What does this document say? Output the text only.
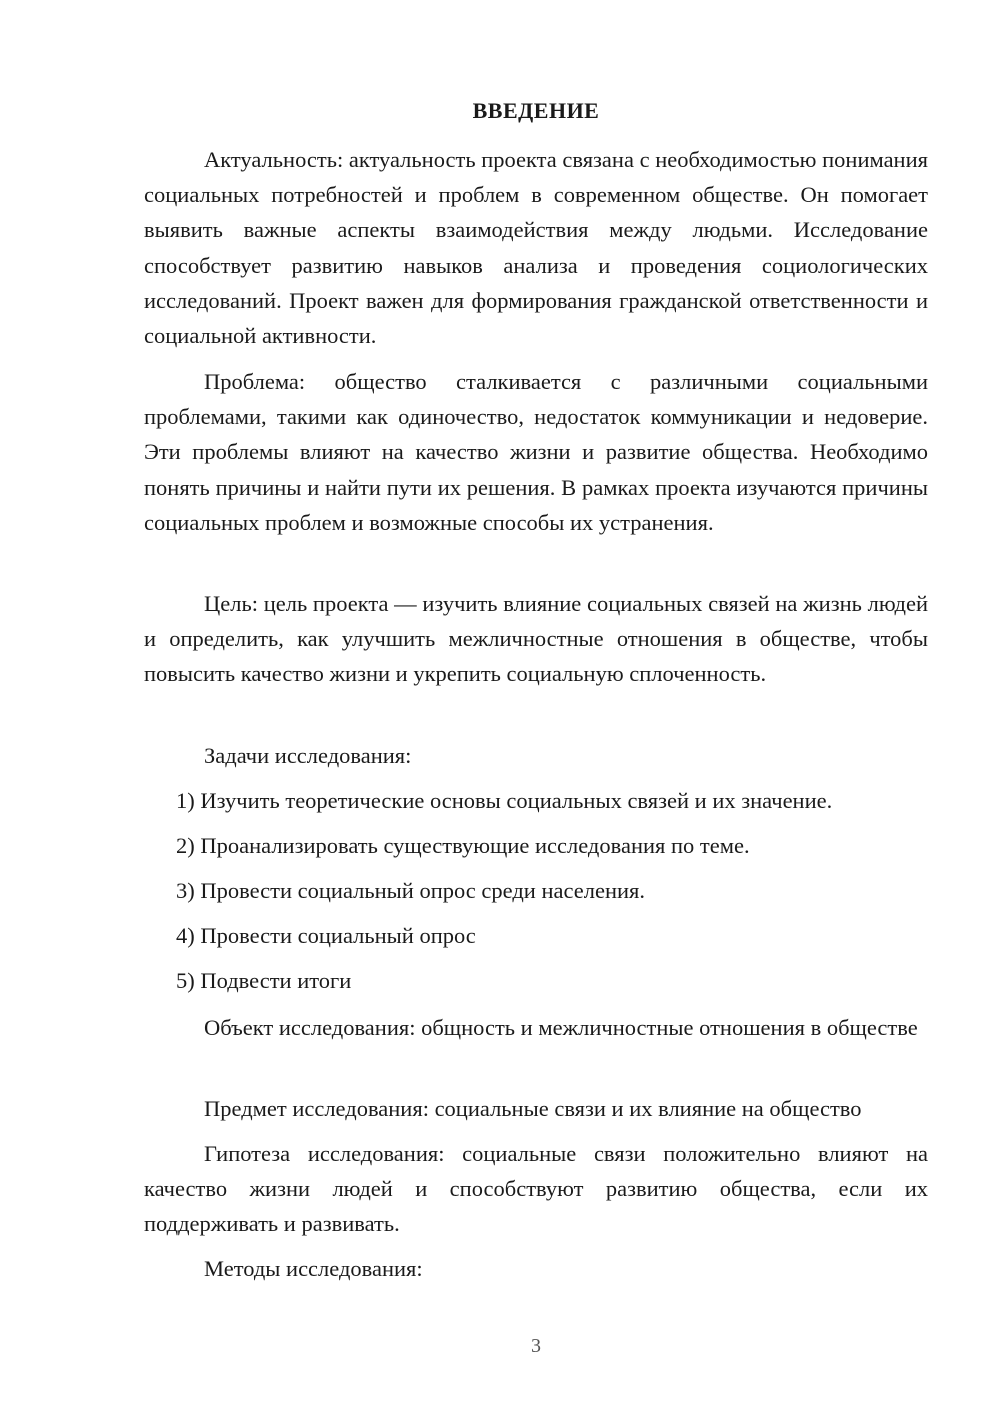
ВВЕДЕНИЕ

Актуальность: актуальность проекта связана с необходимостью понимания социальных потребностей и проблем в современном обществе. Он помогает выявить важные аспекты взаимодействия между людьми. Исследование способствует развитию навыков анализа и проведения социологических исследований. Проект важен для формирования гражданской ответственности и социальной активности.

Проблема: общество сталкивается с различными социальными проблемами, такими как одиночество, недостаток коммуникации и недоверие. Эти проблемы влияют на качество жизни и развитие общества. Необходимо понять причины и найти пути их решения. В рамках проекта изучаются причины социальных проблем и возможные способы их устранения.

Цель: цель проекта — изучить влияние социальных связей на жизнь людей и определить, как улучшить межличностные отношения в обществе, чтобы повысить качество жизни и укрепить социальную сплоченность.

Задачи исследования:

1) Изучить теоретические основы социальных связей и их значение.

2) Проанализировать существующие исследования по теме.

3) Провести социальный опрос среди населения.

4) Провести социальный опрос

5) Подвести итоги

Объект исследования: общность и межличностные отношения в обществе

Предмет исследования: социальные связи и их влияние на общество

Гипотеза исследования: социальные связи положительно влияют на качество жизни людей и способствуют развитию общества, если их поддерживать и развивать.

Методы исследования:

3
